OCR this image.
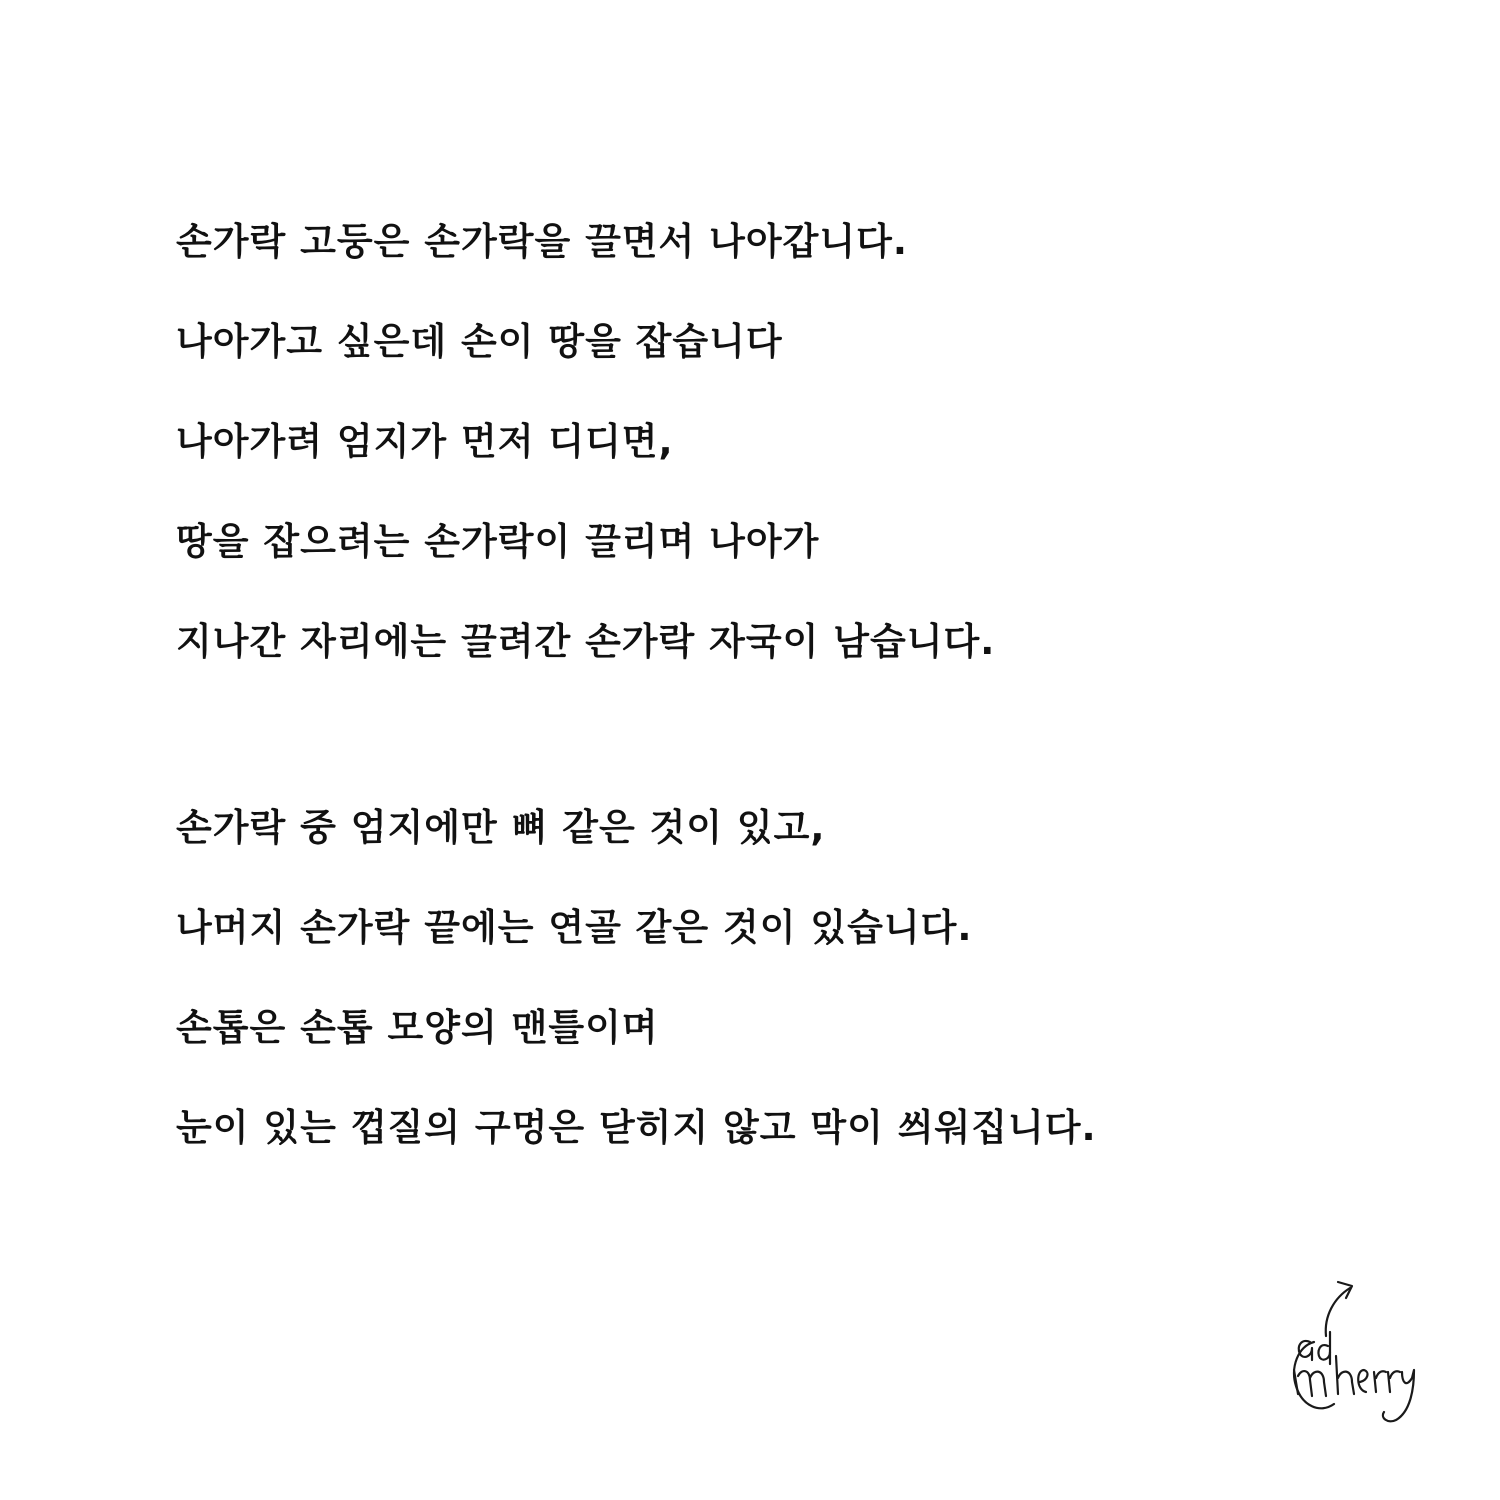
손가락 고둥은 손가락을 끌면서 나아갑니다.
나아가고 싶은데 손이 땅을 잡습니다
나아가려 엄지가 먼저 디디면,
땅을 잡으려는 손가락이 끌리며 나아가
지나간 자리에는 끌려간 손가락 자국이 남습니다.
손가락 중 엄지에만 뼈 같은 것이 있고,
나머지 손가락 끝에는 연골 같은 것이 있습니다.
손톱은 손톱 모양의 맨틀이며
눈이 있는 껍질의 구멍은 닫히지 않고 막이 씌워집니다.
